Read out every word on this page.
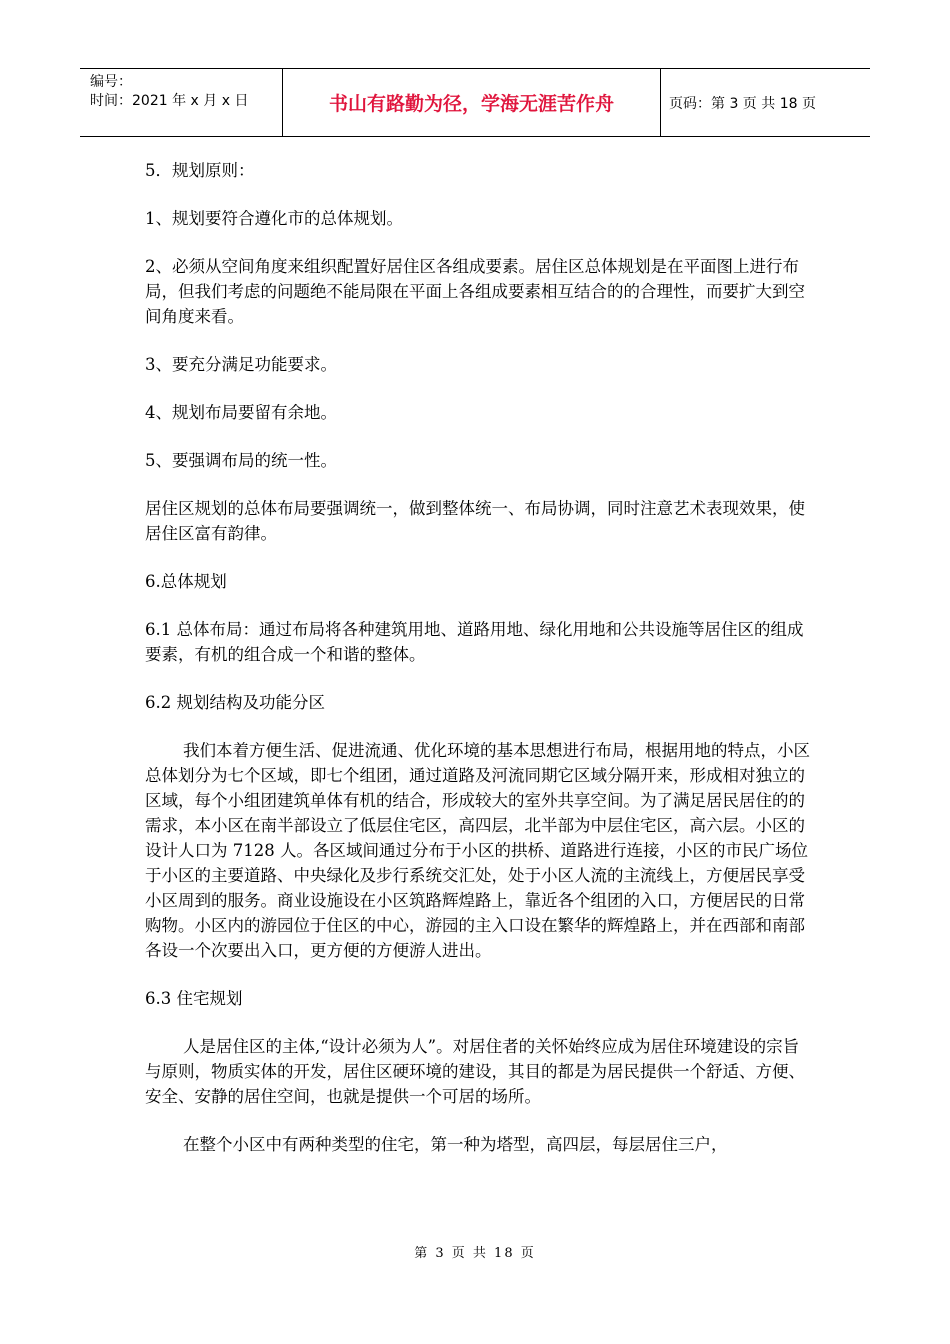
编号：
时间：2021 年 x 月 x 日	书山有路勤为径，学海无涯苦作舟	页码：第 3 页 共 18 页

5．规划原则：

1、规划要符合遵化市的总体规划。

2、必须从空间角度来组织配置好居住区各组成要素。居住区总体规划是在平面图上进行布局，但我们考虑的问题绝不能局限在平面上各组成要素相互结合的的合理性，而要扩大到空间角度来看。

3、要充分满足功能要求。

4、规划布局要留有余地。

5、要强调布局的统一性。

居住区规划的总体布局要强调统一，做到整体统一、布局协调，同时注意艺术表现效果，使居住区富有韵律。

6.总体规划

6.1 总体布局：通过布局将各种建筑用地、道路用地、绿化用地和公共设施等居住区的组成要素，有机的组合成一个和谐的整体。

6.2 规划结构及功能分区

我们本着方便生活、促进流通、优化环境的基本思想进行布局，根据用地的特点，小区总体划分为七个区域，即七个组团，通过道路及河流同期它区域分隔开来，形成相对独立的区域，每个小组团建筑单体有机的结合，形成较大的室外共享空间。为了满足居民居住的的需求，本小区在南半部设立了低层住宅区，高四层，北半部为中层住宅区，高六层。小区的设计人口为 7128 人。各区域间通过分布于小区的拱桥、道路进行连接，小区的市民广场位于小区的主要道路、中央绿化及步行系统交汇处，处于小区人流的主流线上，方便居民享受小区周到的服务。商业设施设在小区筑路辉煌路上，靠近各个组团的入口，方便居民的日常购物。小区内的游园位于住区的中心，游园的主入口设在繁华的辉煌路上，并在西部和南部各设一个次要出入口，更方便的方便游人进出。

6.3 住宅规划

人是居住区的主体,“设计必须为人”。对居住者的关怀始终应成为居住环境建设的宗旨与原则，物质实体的开发，居住区硬环境的建设，其目的都是为居民提供一个舒适、方便、安全、安静的居住空间，也就是提供一个可居的场所。

在整个小区中有两种类型的住宅，第一种为塔型，高四层，每层居住三户，

第 3 页 共 18 页
